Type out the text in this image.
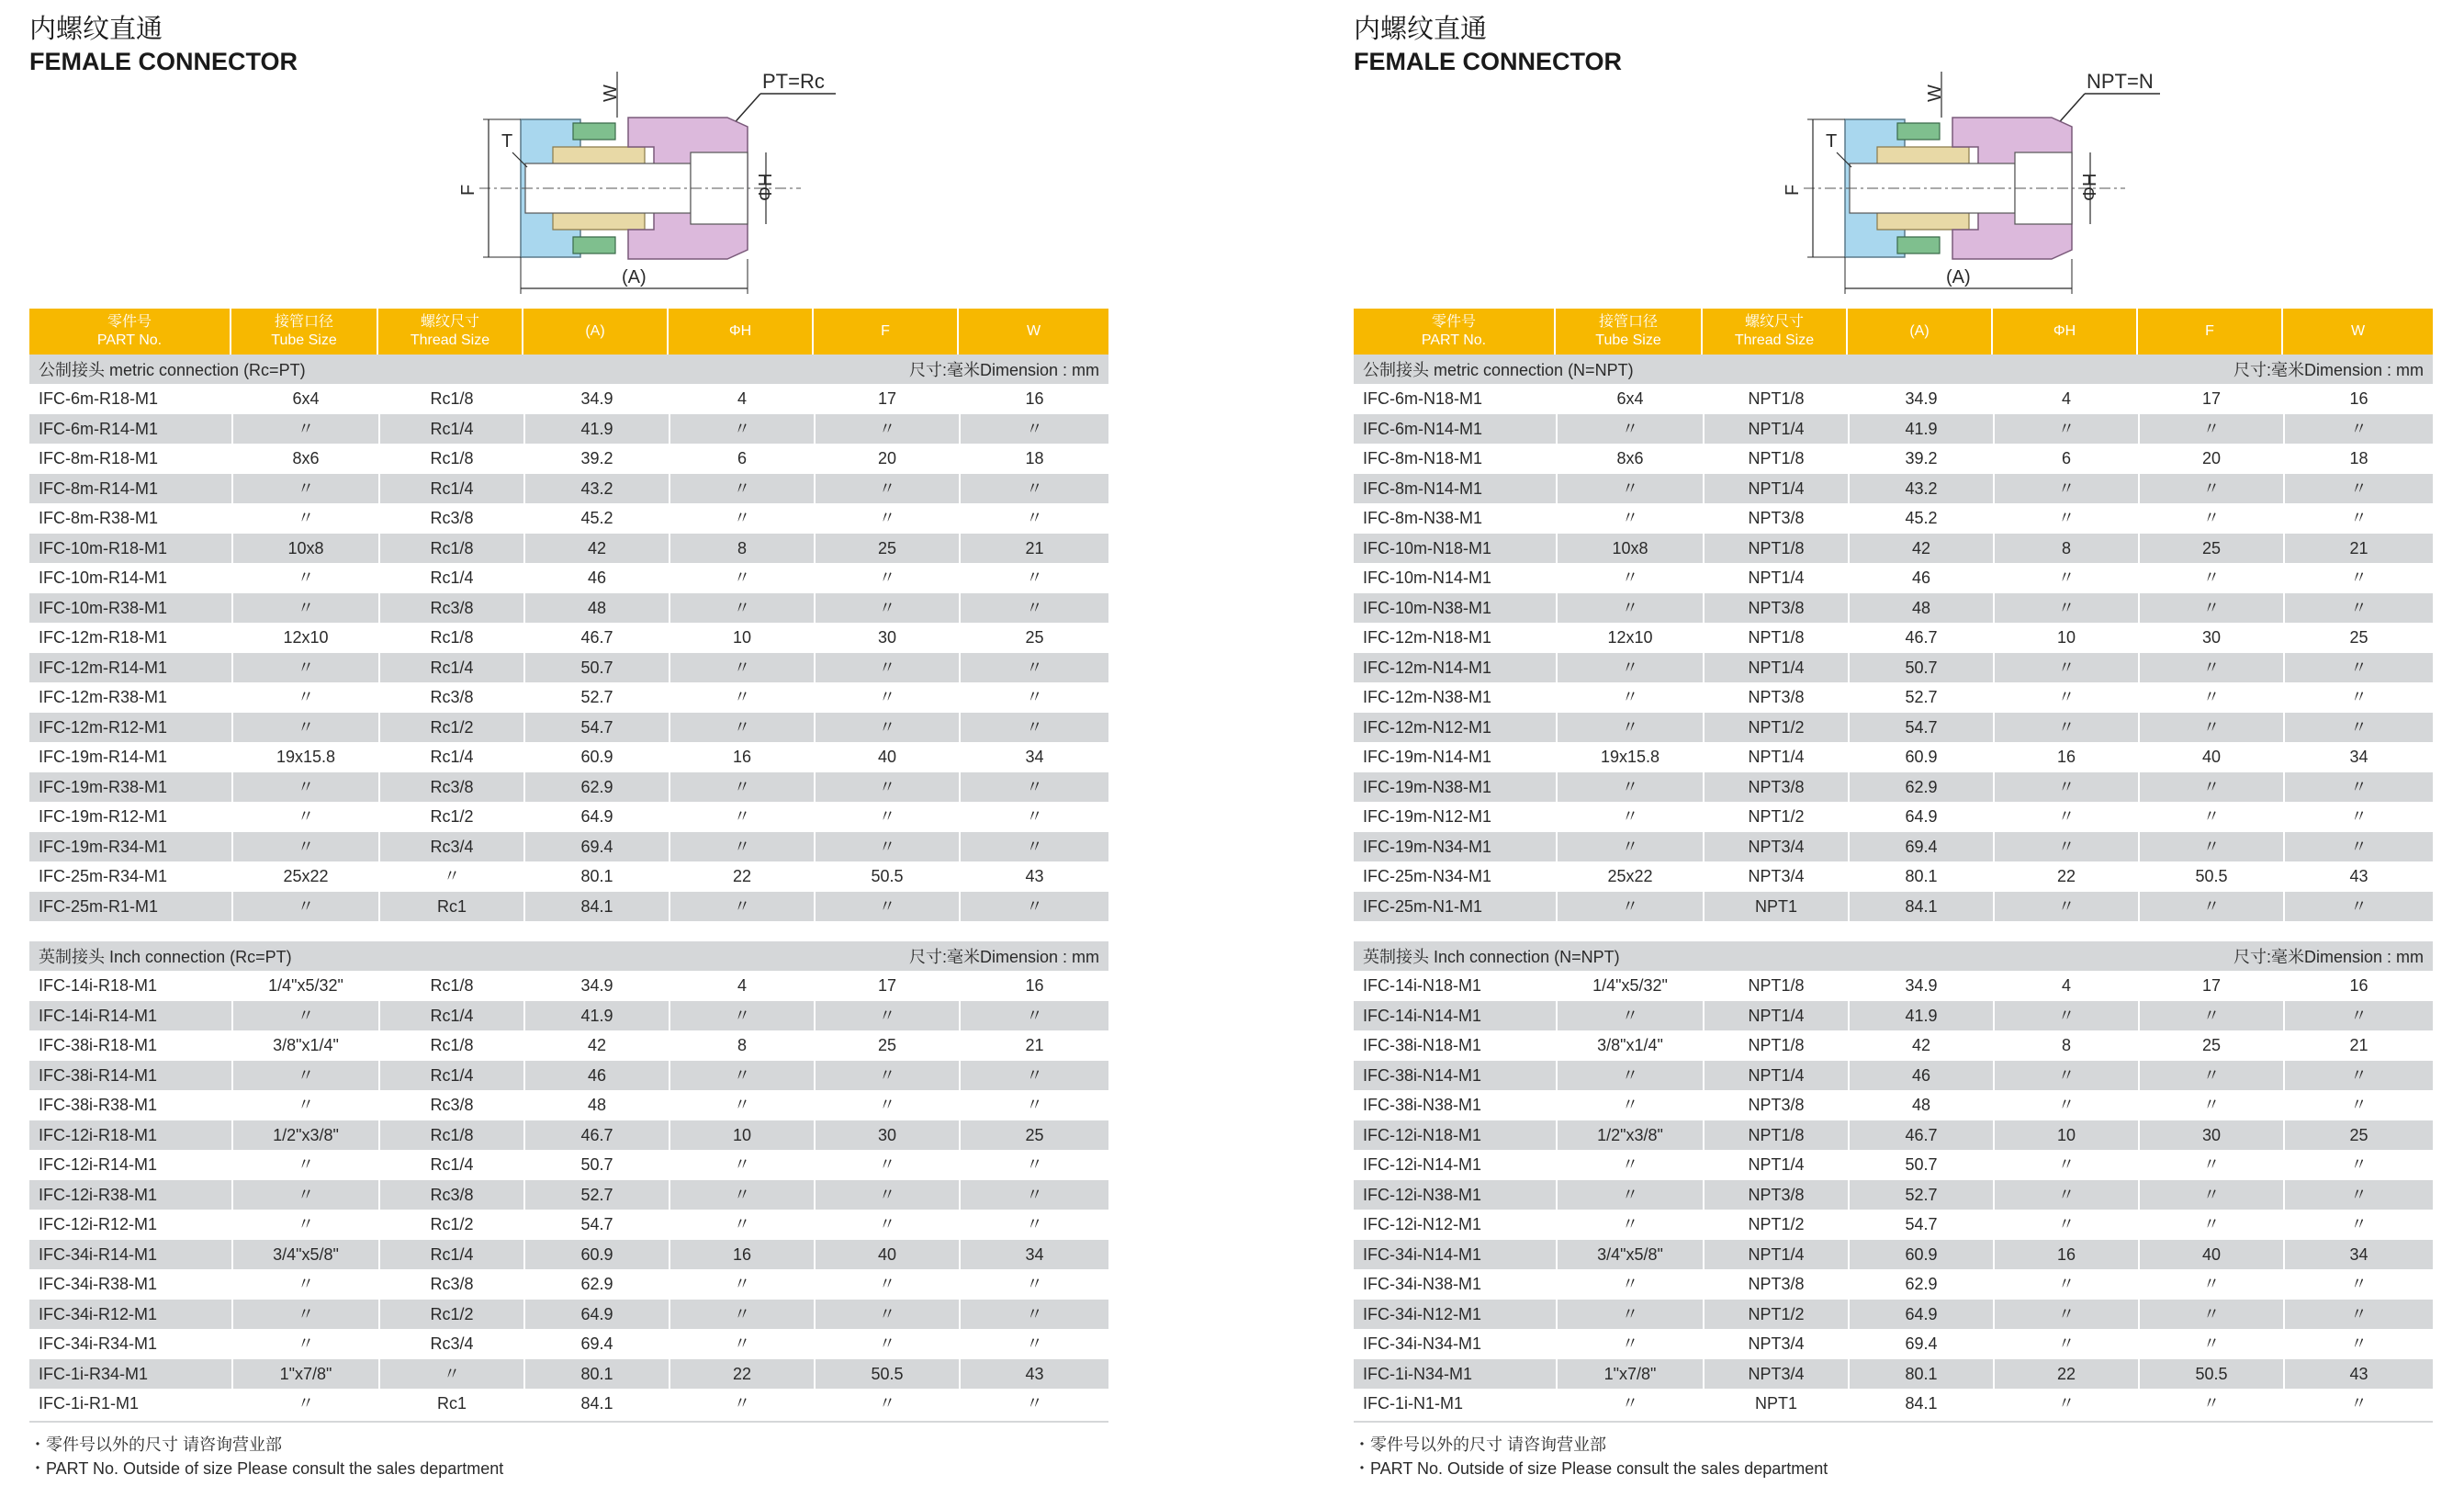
内螺纹直通
FEMALE CONNECTOR
PT=Rc
F
T
W
ΦH
(A)
零件号
PART No.
接管口径
Tube Size
螺纹尺寸
Thread Size
(A)	ΦH	F	W
公制接头 metric connection (Rc=PT)	尺寸:毫米Dimension : mm
IFC-6m-R18-M1	6x4	Rc1/8	34.9	4	17	16
IFC-6m-R14-M1	〃	Rc1/4	41.9	〃	〃	〃
IFC-8m-R18-M1	8x6	Rc1/8	39.2	6	20	18
IFC-8m-R14-M1	〃	Rc1/4	43.2	〃	〃	〃
IFC-8m-R38-M1	〃	Rc3/8	45.2	〃	〃	〃
IFC-10m-R18-M1	10x8	Rc1/8	42	8	25	21
IFC-10m-R14-M1	〃	Rc1/4	46	〃	〃	〃
IFC-10m-R38-M1	〃	Rc3/8	48	〃	〃	〃
IFC-12m-R18-M1	12x10	Rc1/8	46.7	10	30	25
IFC-12m-R14-M1	〃	Rc1/4	50.7	〃	〃	〃
IFC-12m-R38-M1	〃	Rc3/8	52.7	〃	〃	〃
IFC-12m-R12-M1	〃	Rc1/2	54.7	〃	〃	〃
IFC-19m-R14-M1	19x15.8	Rc1/4	60.9	16	40	34
IFC-19m-R38-M1	〃	Rc3/8	62.9	〃	〃	〃
IFC-19m-R12-M1	〃	Rc1/2	64.9	〃	〃	〃
IFC-19m-R34-M1	〃	Rc3/4	69.4	〃	〃	〃
IFC-25m-R34-M1	25x22	〃	80.1	22	50.5	43
IFC-25m-R1-M1	〃	Rc1	84.1	〃	〃	〃
英制接头 Inch connection (Rc=PT)	尺寸:毫米Dimension : mm
IFC-14i-R18-M1	1/4"x5/32"	Rc1/8	34.9	4	17	16
IFC-14i-R14-M1	〃	Rc1/4	41.9	〃	〃	〃
IFC-38i-R18-M1	3/8"x1/4"	Rc1/8	42	8	25	21
IFC-38i-R14-M1	〃	Rc1/4	46	〃	〃	〃
IFC-38i-R38-M1	〃	Rc3/8	48	〃	〃	〃
IFC-12i-R18-M1	1/2"x3/8"	Rc1/8	46.7	10	30	25
IFC-12i-R14-M1	〃	Rc1/4	50.7	〃	〃	〃
IFC-12i-R38-M1	〃	Rc3/8	52.7	〃	〃	〃
IFC-12i-R12-M1	〃	Rc1/2	54.7	〃	〃	〃
IFC-34i-R14-M1	3/4"x5/8"	Rc1/4	60.9	16	40	34
IFC-34i-R38-M1	〃	Rc3/8	62.9	〃	〃	〃
IFC-34i-R12-M1	〃	Rc1/2	64.9	〃	〃	〃
IFC-34i-R34-M1	〃	Rc3/4	69.4	〃	〃	〃
IFC-1i-R34-M1	1"x7/8"	〃	80.1	22	50.5	43
IFC-1i-R1-M1	〃	Rc1	84.1	〃	〃	〃
・零件号以外的尺寸 请咨询营业部
・PART No. Outside of size Please consult the sales department
内螺纹直通
FEMALE CONNECTOR
NPT=N
F
T
W
ΦH
(A)
零件号
PART No.
接管口径
Tube Size
螺纹尺寸
Thread Size
(A)	ΦH	F	W
公制接头 metric connection (N=NPT)	尺寸:毫米Dimension : mm
IFC-6m-N18-M1	6x4	NPT1/8	34.9	4	17	16
IFC-6m-N14-M1	〃	NPT1/4	41.9	〃	〃	〃
IFC-8m-N18-M1	8x6	NPT1/8	39.2	6	20	18
IFC-8m-N14-M1	〃	NPT1/4	43.2	〃	〃	〃
IFC-8m-N38-M1	〃	NPT3/8	45.2	〃	〃	〃
IFC-10m-N18-M1	10x8	NPT1/8	42	8	25	21
IFC-10m-N14-M1	〃	NPT1/4	46	〃	〃	〃
IFC-10m-N38-M1	〃	NPT3/8	48	〃	〃	〃
IFC-12m-N18-M1	12x10	NPT1/8	46.7	10	30	25
IFC-12m-N14-M1	〃	NPT1/4	50.7	〃	〃	〃
IFC-12m-N38-M1	〃	NPT3/8	52.7	〃	〃	〃
IFC-12m-N12-M1	〃	NPT1/2	54.7	〃	〃	〃
IFC-19m-N14-M1	19x15.8	NPT1/4	60.9	16	40	34
IFC-19m-N38-M1	〃	NPT3/8	62.9	〃	〃	〃
IFC-19m-N12-M1	〃	NPT1/2	64.9	〃	〃	〃
IFC-19m-N34-M1	〃	NPT3/4	69.4	〃	〃	〃
IFC-25m-N34-M1	25x22	NPT3/4	80.1	22	50.5	43
IFC-25m-N1-M1	〃	NPT1	84.1	〃	〃	〃
英制接头 Inch connection (N=NPT)	尺寸:毫米Dimension : mm
IFC-14i-N18-M1	1/4"x5/32"	NPT1/8	34.9	4	17	16
IFC-14i-N14-M1	〃	NPT1/4	41.9	〃	〃	〃
IFC-38i-N18-M1	3/8"x1/4"	NPT1/8	42	8	25	21
IFC-38i-N14-M1	〃	NPT1/4	46	〃	〃	〃
IFC-38i-N38-M1	〃	NPT3/8	48	〃	〃	〃
IFC-12i-N18-M1	1/2"x3/8"	NPT1/8	46.7	10	30	25
IFC-12i-N14-M1	〃	NPT1/4	50.7	〃	〃	〃
IFC-12i-N38-M1	〃	NPT3/8	52.7	〃	〃	〃
IFC-12i-N12-M1	〃	NPT1/2	54.7	〃	〃	〃
IFC-34i-N14-M1	3/4"x5/8"	NPT1/4	60.9	16	40	34
IFC-34i-N38-M1	〃	NPT3/8	62.9	〃	〃	〃
IFC-34i-N12-M1	〃	NPT1/2	64.9	〃	〃	〃
IFC-34i-N34-M1	〃	NPT3/4	69.4	〃	〃	〃
IFC-1i-N34-M1	1"x7/8"	NPT3/4	80.1	22	50.5	43
IFC-1i-N1-M1	〃	NPT1	84.1	〃	〃	〃
・零件号以外的尺寸 请咨询营业部
・PART No. Outside of size Please consult the sales department
